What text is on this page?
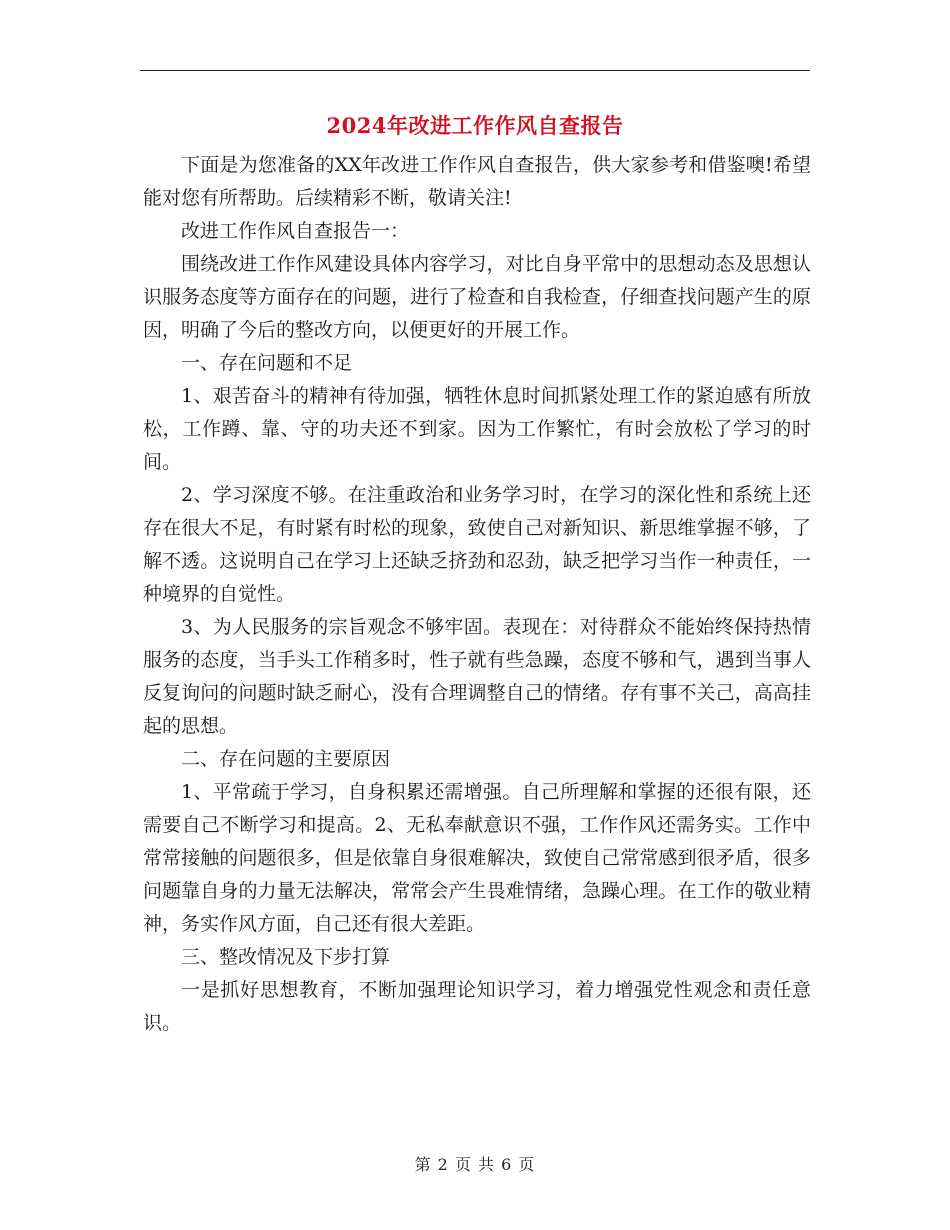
2024年改进工作作风自查报告

下面是为您准备的XX年改进工作作风自查报告，供大家参考和借鉴噢!希望能对您有所帮助。后续精彩不断，敬请关注!

改进工作作风自查报告一：

围绕改进工作作风建设具体内容学习，对比自身平常中的思想动态及思想认识服务态度等方面存在的问题，进行了检查和自我检查，仔细查找问题产生的原因，明确了今后的整改方向，以便更好的开展工作。

一、存在问题和不足

1、艰苦奋斗的精神有待加强，牺牲休息时间抓紧处理工作的紧迫感有所放松，工作蹲、靠、守的功夫还不到家。因为工作繁忙，有时会放松了学习的时间。

2、学习深度不够。在注重政治和业务学习时，在学习的深化性和系统上还存在很大不足，有时紧有时松的现象，致使自己对新知识、新思维掌握不够，了解不透。这说明自己在学习上还缺乏挤劲和忍劲，缺乏把学习当作一种责任，一种境界的自觉性。

3、为人民服务的宗旨观念不够牢固。表现在：对待群众不能始终保持热情服务的态度，当手头工作稍多时，性子就有些急躁，态度不够和气，遇到当事人反复询问的问题时缺乏耐心，没有合理调整自己的情绪。存有事不关己，高高挂起的思想。

二、存在问题的主要原因

1、平常疏于学习，自身积累还需增强。自己所理解和掌握的还很有限，还需要自己不断学习和提高。2、无私奉献意识不强，工作作风还需务实。工作中常常接触的问题很多，但是依靠自身很难解决，致使自己常常感到很矛盾，很多问题靠自身的力量无法解决，常常会产生畏难情绪，急躁心理。在工作的敬业精神，务实作风方面，自己还有很大差距。

三、整改情况及下步打算

一是抓好思想教育，不断加强理论知识学习，着力增强党性观念和责任意识。

第 2 页 共 6 页
